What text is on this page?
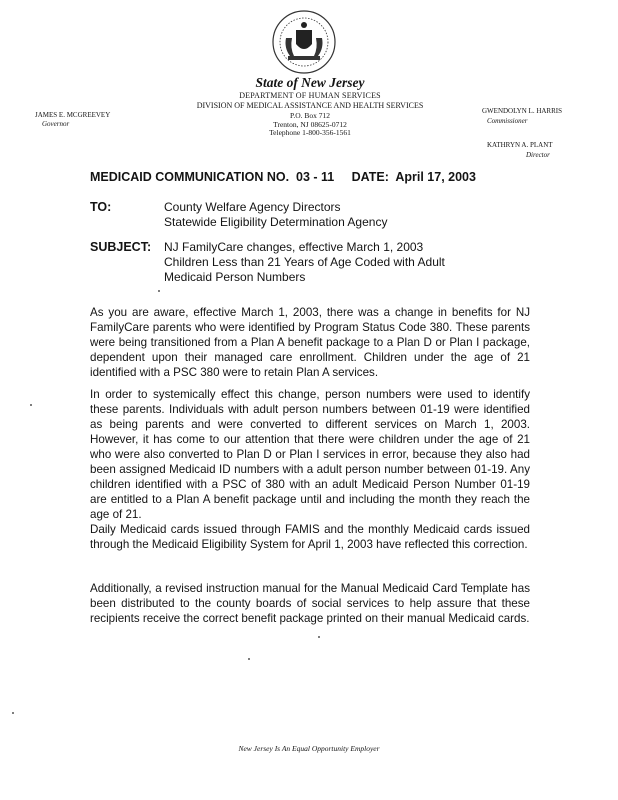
State of New Jersey
DEPARTMENT OF HUMAN SERVICES
DIVISION OF MEDICAL ASSISTANCE AND HEALTH SERVICES
P.O. Box 712
Trenton, NJ 08625-0712
Telephone 1-800-356-1561
JAMES E. MCGREEVEY
Governor
GWENDOLYN L. HARRIS
Commissioner
KATHRYN A. PLANT
Director
MEDICAID COMMUNICATION NO.  03 - 11     DATE:  April 17, 2003
TO:	County Welfare Agency Directors
Statewide Eligibility Determination Agency
SUBJECT: NJ FamilyCare changes, effective March 1, 2003
Children Less than 21 Years of Age Coded with Adult
Medicaid Person Numbers

As you are aware, effective March 1, 2003, there was a change in benefits for NJ FamilyCare parents who were identified by Program Status Code 380. These parents were being transitioned from a Plan A benefit package to a Plan D or Plan I package, dependent upon their managed care enrollment. Children under the age of 21 identified with a PSC 380 were to retain Plan A services.

In order to systemically effect this change, person numbers were used to identify these parents. Individuals with adult person numbers between 01-19 were identified as being parents and were converted to different services on March 1, 2003. However, it has come to our attention that there were children under the age of 21 who were also converted to Plan D or Plan I services in error, because they also had been assigned Medicaid ID numbers with a adult person number between 01-19. Any children identified with a PSC of 380 with an adult Medicaid Person Number 01-19 are entitled to a Plan A benefit package until and including the month they reach the age of 21.

Daily Medicaid cards issued through FAMIS and the monthly Medicaid cards issued through the Medicaid Eligibility System for April 1, 2003 have reflected this correction.

Additionally, a revised instruction manual for the Manual Medicaid Card Template has been distributed to the county boards of social services to help assure that these recipients receive the correct benefit package printed on their manual Medicaid cards.

New Jersey Is An Equal Opportunity Employer
